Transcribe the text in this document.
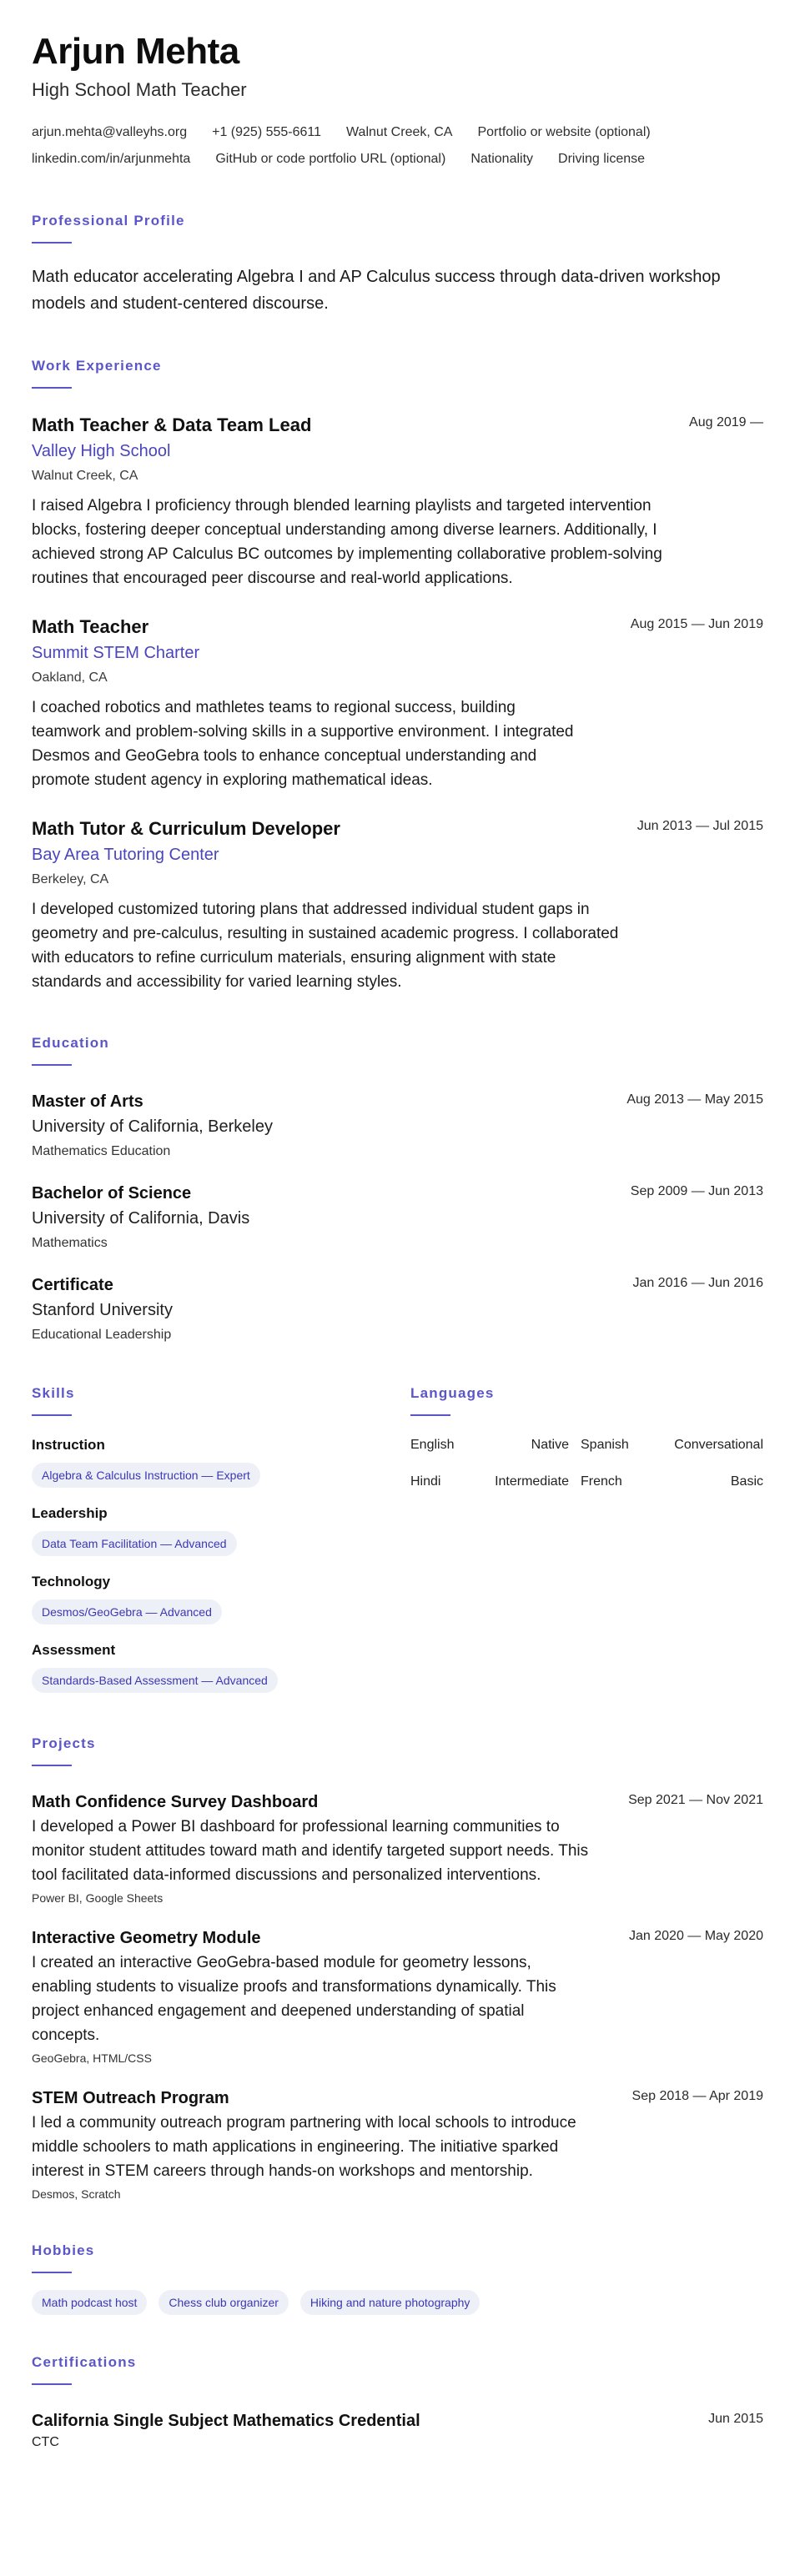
Arjun Mehta
High School Math Teacher
arjun.mehta@valleyhs.org +1 (925) 555-6611 Walnut Creek, CA Portfolio or website (optional)
linkedin.com/in/arjunmehta GitHub or code portfolio URL (optional) Nationality Driving license
Professional Profile
Math educator accelerating Algebra I and AP Calculus success through data-driven workshop models and student-centered discourse.
Work Experience
Math Teacher & Data Team Lead	Aug 2019 —
Valley High School
Walnut Creek, CA
I raised Algebra I proficiency through blended learning playlists and targeted intervention blocks, fostering deeper conceptual understanding among diverse learners. Additionally, I achieved strong AP Calculus BC outcomes by implementing collaborative problem-solving routines that encouraged peer discourse and real-world applications.
Math Teacher	Aug 2015 — Jun 2019
Summit STEM Charter
Oakland, CA
I coached robotics and mathletes teams to regional success, building teamwork and problem-solving skills in a supportive environment. I integrated Desmos and GeoGebra tools to enhance conceptual understanding and promote student agency in exploring mathematical ideas.
Math Tutor & Curriculum Developer	Jun 2013 — Jul 2015
Bay Area Tutoring Center
Berkeley, CA
I developed customized tutoring plans that addressed individual student gaps in geometry and pre-calculus, resulting in sustained academic progress. I collaborated with educators to refine curriculum materials, ensuring alignment with state standards and accessibility for varied learning styles.
Education
Master of Arts	Aug 2013 — May 2015
University of California, Berkeley
Mathematics Education
Bachelor of Science	Sep 2009 — Jun 2013
University of California, Davis
Mathematics
Certificate	Jan 2016 — Jun 2016
Stanford University
Educational Leadership
Skills
Instruction
Algebra & Calculus Instruction — Expert
Leadership
Data Team Facilitation — Advanced
Technology
Desmos/GeoGebra — Advanced
Assessment
Standards-Based Assessment — Advanced
Languages
English	Native Spanish	Conversational
Hindi	Intermediate French	Basic
Projects
Math Confidence Survey Dashboard	Sep 2021 — Nov 2021
I developed a Power BI dashboard for professional learning communities to monitor student attitudes toward math and identify targeted support needs. This tool facilitated data-informed discussions and personalized interventions.
Power BI, Google Sheets
Interactive Geometry Module	Jan 2020 — May 2020
I created an interactive GeoGebra-based module for geometry lessons, enabling students to visualize proofs and transformations dynamically. This project enhanced engagement and deepened understanding of spatial concepts.
GeoGebra, HTML/CSS
STEM Outreach Program	Sep 2018 — Apr 2019
I led a community outreach program partnering with local schools to introduce middle schoolers to math applications in engineering. The initiative sparked interest in STEM careers through hands-on workshops and mentorship.
Desmos, Scratch
Hobbies
Math podcast host	Chess club organizer	Hiking and nature photography
Certifications
California Single Subject Mathematics Credential	Jun 2015
CTC
